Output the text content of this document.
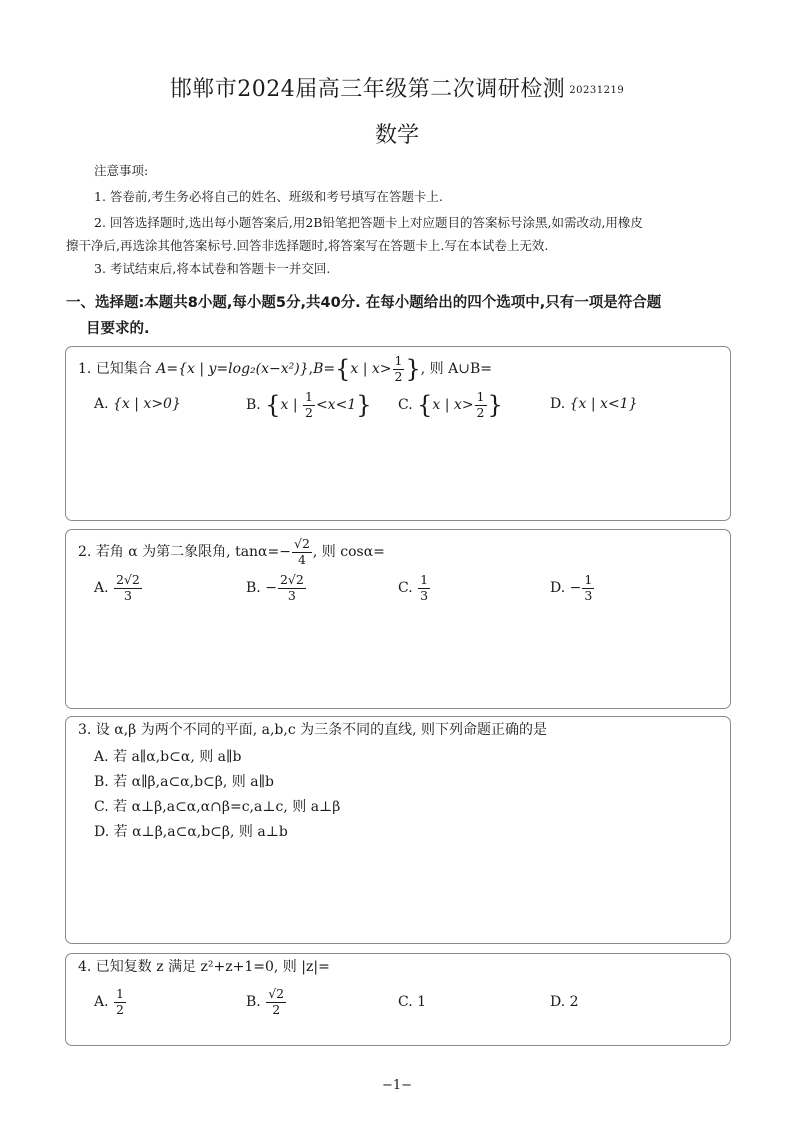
邯郸市2024届高三年级第二次调研检测 20231219
数学
注意事项:
1. 答卷前,考生务必将自己的姓名、班级和考号填写在答题卡上.
2. 回答选择题时,选出每小题答案后,用2B铅笔把答题卡上对应题目的答案标号涂黑,如需改动,用橡皮
擦干净后,再选涂其他答案标号.回答非选择题时,将答案写在答题卡上.写在本试卷上无效.
3. 考试结束后,将本试卷和答题卡一并交回.
一、选择题:本题共8小题,每小题5分,共40分. 在每小题给出的四个选项中,只有一项是符合题
目要求的.
1. 已知集合 A={x | y=log₂(x−x²)},B={x | $x> \frac{1}{2}$ }, 则 A∪B=
A. {x | x>0}	B. {x | $\frac{1}{2} <x<1$} C. {x | $x> \frac{1}{2}$ }	D. {x | x<1}
2. 若角 α 为第二象限角, $\tan\alpha=- \frac{√2}{4}$ , 则 cosα=
A. $\frac{2√2}{3}$	B. − $\frac{2√2}{3}$	C. $\frac{1}{3}$	D. − $\frac{1}{3}$
3. 设 α,β 为两个不同的平面, a,b,c 为三条不同的直线, 则下列命题正确的是
A. 若 a∥α,b⊂α, 则 a∥b
B. 若 α∥β,a⊂α,b⊂β, 则 a∥b
C. 若 α⊥β,a⊂α,α∩β=c,a⊥c, 则 a⊥β
D. 若 α⊥β,a⊂α,b⊂β, 则 a⊥b
4. 已知复数 z 满足 z²+z+1=0, 则 |z|=
A. $\frac{1}{2}$	B. $\frac{√2}{2}$	C. 1	D. 2
−1−
